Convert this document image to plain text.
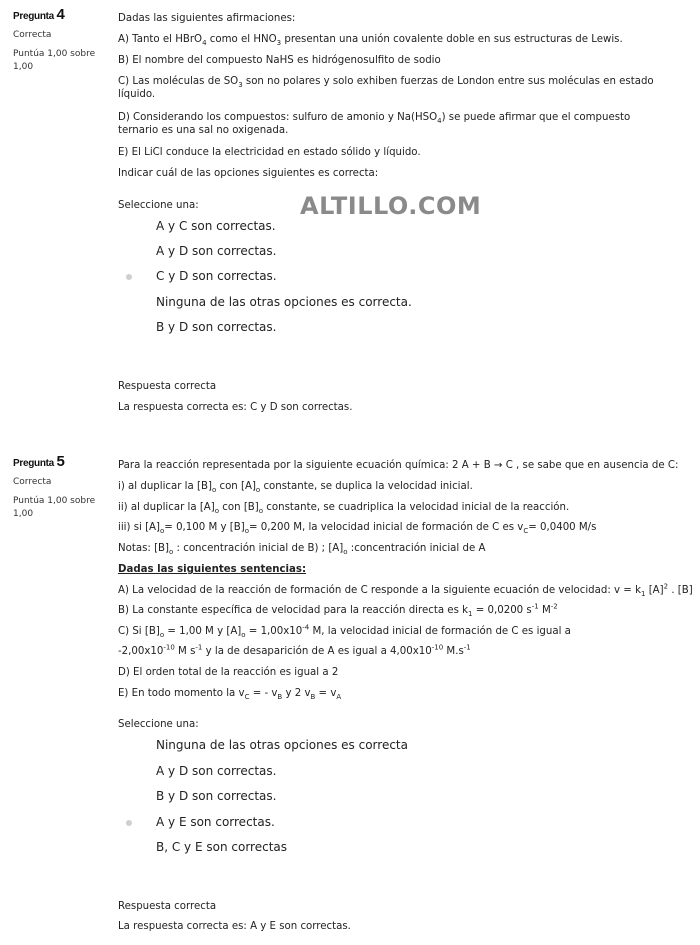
Pregunta 4
Correcta
Puntúa 1,00 sobre 1,00
Dadas las siguientes afirmaciones:
A) Tanto el HBrO$_4$ como el $HNO_3$ presentan una unión covalente doble en sus estructuras de Lewis.
B) El nombre del compuesto NaHS es hidrógenosulfito de sodio
C) Las moléculas de $SO_3$ son no polares y solo exhiben fuerzas de London entre sus moléculas en estado líquido.
D) Considerando los compuestos: sulfuro de amonio y $Na(HSO_4)$ se puede afirmar que el compuesto ternario es una sal no oxigenada.
E) El LiCl conduce la electricidad en estado sólido y líquido.
Indicar cuál de las opciones siguientes es correcta:
Seleccione una:	ALTILLO.COM
A y C son correctas.
A y D son correctas.
C y D son correctas.
Ninguna de las otras opciones es correcta.
B y D son correctas.
Respuesta correcta
La respuesta correcta es: C y D son correctas.
Pregunta 5
Correcta
Puntúa 1,00 sobre 1,00
Para la reacción representada por la siguiente ecuación química: 2 A + B → C , se sabe que en ausencia de C:
i) al duplicar la $[B]_o$ con $[A]_o$ constante, se duplica la velocidad inicial.
ii) al duplicar la $[A]_o$ con $[B]_o$ constante, se cuadriplica la velocidad inicial de la reacción.
iii) si $[A]_o= 0,100$ M y $[B]_o= 0,200$ M, la velocidad inicial de formación de C es $v_C= 0,0400$ M/s
Notas: $[B]_o$ : concentración inicial de B) ; $[A]_o$ :concentración inicial de A
Dadas las siguientes sentencias:
A) La velocidad de la reacción de formación de C responde a la siguiente ecuación de velocidad: $v = k_1$ $[A]^2$ . [B]
B) La constante específica de velocidad para la reacción directa es $k_1 = 0,0200$ $s^{-1}$ $M^{-2}$
C) Si $[B]_o = 1,00$ M y $[A]_o = 1,00x10^{-4}$ M, la velocidad inicial de formación de C es igual a
$-2,00x10^{-10}$ M $s^{-1}$ y la de desaparición de A es igual a $4,00x10^{-10}$ $M.s^{-1}$
D) El orden total de la reacción es igual a 2
E) En todo momento la $v_C$ = - $v_B$ y 2 $v_B = v_A$
Seleccione una:
Ninguna de las otras opciones es correcta
A y D son correctas.
B y D son correctas.
A y E son correctas.
B, C y E son correctas
Respuesta correcta
La respuesta correcta es: A y E son correctas.
